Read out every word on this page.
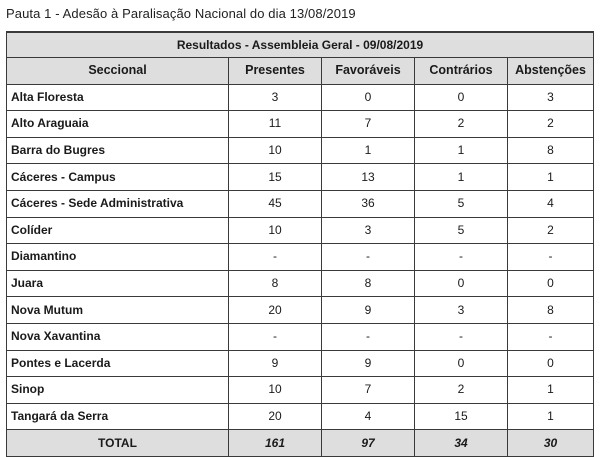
Pauta 1 - Adesão à Paralisação Nacional do dia 13/08/2019
Resultados - Assembleia Geral - 09/08/2019				
Seccional	Presentes	Favoráveis	Contrários	Abstenções
Alta Floresta	3	0	0	3
Alto Araguaia	11	7	2	2
Barra do Bugres	10	1	1	8
Cáceres - Campus	15	13	1	1
Cáceres - Sede Administrativa	45	36	5	4
Colíder	10	3	5	2
Diamantino	-	-	-	-
Juara	8	8	0	0
Nova Mutum	20	9	3	8
Nova Xavantina	-	-	-	-
Pontes e Lacerda	9	9	0	0
Sinop	10	7	2	1
Tangará da Serra	20	4	15	1
TOTAL	161	97	34	30
